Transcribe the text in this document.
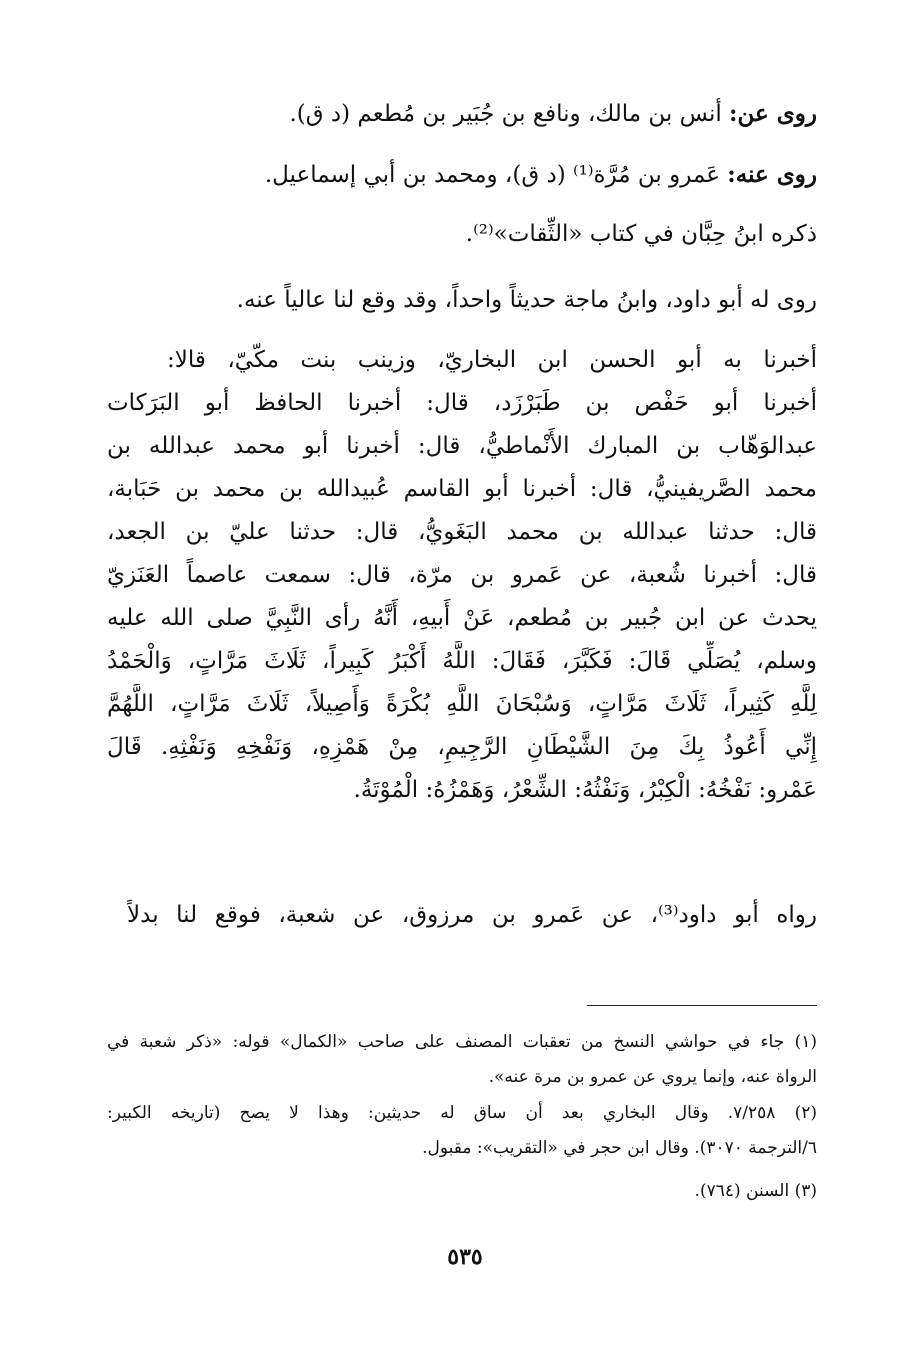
روى عن: أنس بن مالك، ونافع بن جُبَير بن مُطعم (د ق).
روى عنه: عَمرو بن مُرَّة⁽¹⁾ (د ق)، ومحمد بن أبي إسماعيل.
ذكره ابنُ حِبَّان في كتاب «الثِّقات»⁽²⁾.
روى له أبو داود، وابنُ ماجة حديثاً واحداً، وقد وقع لنا عالياً عنه.
أخبرنا به أبو الحسن ابن البخاريّ، وزينب بنت مكّيّ، قالا:
أخبرنا أبو حَفْص بن طَبَرْزَد، قال: أخبرنا الحافظ أبو البَرَكات
عبدالوَهّاب بن المبارك الأَنْماطيُّ، قال: أخبرنا أبو محمد عبدالله بن
محمد الصَّريفينيُّ، قال: أخبرنا أبو القاسم عُبيدالله بن محمد بن حَبَابة،
قال: حدثنا عبدالله بن محمد البَغَويُّ، قال: حدثنا عليّ بن الجعد،
قال: أخبرنا شُعبة، عن عَمرو بن مرّة، قال: سمعت عاصماً العَنَزيّ
يحدث عن ابن جُبير بن مُطعم، عَنْ أَبيهِ، أَنَّهُ رأى النَّبِيَّ صلى الله عليه
وسلم، يُصَلِّي قَالَ: فَكَبَّرَ، فَقَالَ: اللَّهُ أَكْبَرُ كَبِيراً، ثَلَاثَ مَرَّاتٍ، وَالْحَمْدُ
لِلَّهِ كَثِيراً، ثَلَاثَ مَرَّاتٍ، وَسُبْحَانَ اللَّهِ بُكْرَةً وَأَصِيلاً، ثَلَاثَ مَرَّاتٍ، اللَّهُمَّ
إِنِّي أَعُوذُ بِكَ مِنَ الشَّيْطَانِ الرَّجِيمِ، مِنْ هَمْزِهِ، وَنَفْخِهِ وَنَفْثِهِ. قَالَ
عَمْرو: نَفْخُهُ: الْكِبْرُ، وَنَفْثُهُ: الشِّعْرُ، وَهَمْزُهُ: الْمُوْتَةُ.
رواه أبو داود⁽³⁾، عن عَمرو بن مرزوق، عن شعبة، فوقع لنا بدلاً
(١) جاء في حواشي النسخ من تعقبات المصنف على صاحب «الكمال» قوله: «ذكر شعبة في
الرواة عنه، وإنما يروي عن عمرو بن مرة عنه».
(٢) ٧/٢٥٨. وقال البخاري بعد أن ساق له حديثين: وهذا لا يصح (تاريخه الكبير:
٦/الترجمة ٣٠٧٠). وقال ابن حجر في «التقريب»: مقبول.
(٣) السنن (٧٦٤).
٥٣٥
